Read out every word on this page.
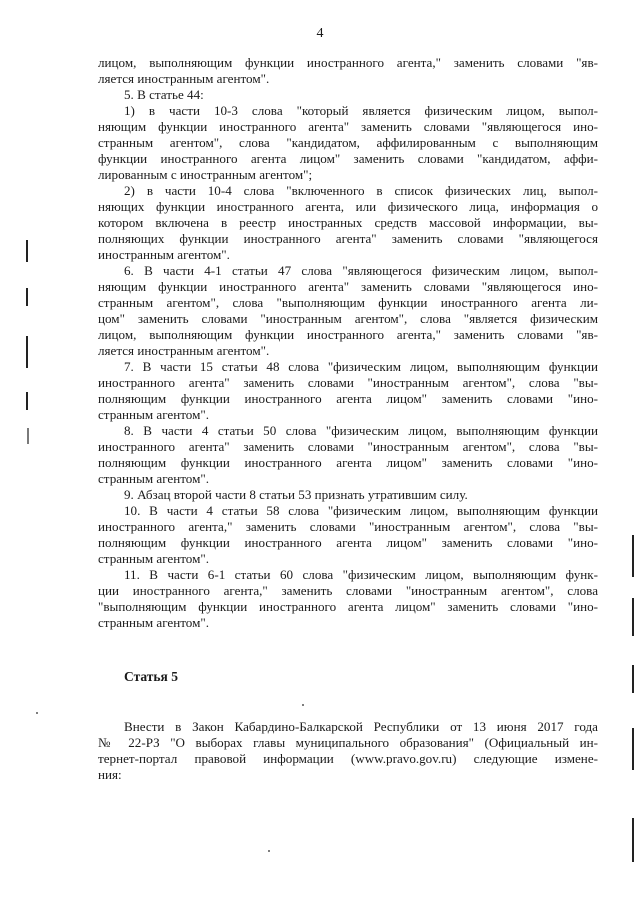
4
лицом, выполняющим функции иностранного агента," заменить словами "яв-
ляется иностранным агентом".
5. В статье 44:
1) в части 10-3 слова "который является физическим лицом, выпол-
няющим функции иностранного агента" заменить словами "являющегося ино-
странным агентом", слова "кандидатом, аффилированным с выполняющим
функции иностранного агента лицом" заменить словами "кандидатом, аффи-
лированным с иностранным агентом";
2) в части 10-4 слова "включенного в список физических лиц, выпол-
няющих функции иностранного агента, или физического лица, информация о
котором включена в реестр иностранных средств массовой информации, вы-
полняющих функции иностранного агента" заменить словами "являющегося
иностранным агентом".
6. В части 4-1 статьи 47 слова "являющегося физическим лицом, выпол-
няющим функции иностранного агента" заменить словами "являющегося ино-
странным агентом", слова "выполняющим функции иностранного агента ли-
цом" заменить словами "иностранным агентом", слова "является физическим
лицом, выполняющим функции иностранного агента," заменить словами "яв-
ляется иностранным агентом".
7. В части 15 статьи 48 слова "физическим лицом, выполняющим функции
иностранного агента" заменить словами "иностранным агентом", слова "вы-
полняющим функции иностранного агента лицом" заменить словами "ино-
странным агентом".
8. В части 4 статьи 50 слова "физическим лицом, выполняющим функции
иностранного агента" заменить словами "иностранным агентом", слова "вы-
полняющим функции иностранного агента лицом" заменить словами "ино-
странным агентом".
9. Абзац второй части 8 статьи 53 признать утратившим силу.
10. В части 4 статьи 58 слова "физическим лицом, выполняющим функции
иностранного агента," заменить словами "иностранным агентом", слова "вы-
полняющим функции иностранного агента лицом" заменить словами "ино-
странным агентом".
11. В части 6-1 статьи 60 слова "физическим лицом, выполняющим функ-
ции иностранного агента," заменить словами "иностранным агентом", слова
"выполняющим функции иностранного агента лицом" заменить словами "ино-
странным агентом".
Статья 5
Внести в Закон Кабардино-Балкарской Республики от 13 июня 2017 года
№ 22-РЗ "О выборах главы муниципального образования" (Официальный ин-
тернет-портал правовой информации (www.pravo.gov.ru) следующие измене-
ния:
